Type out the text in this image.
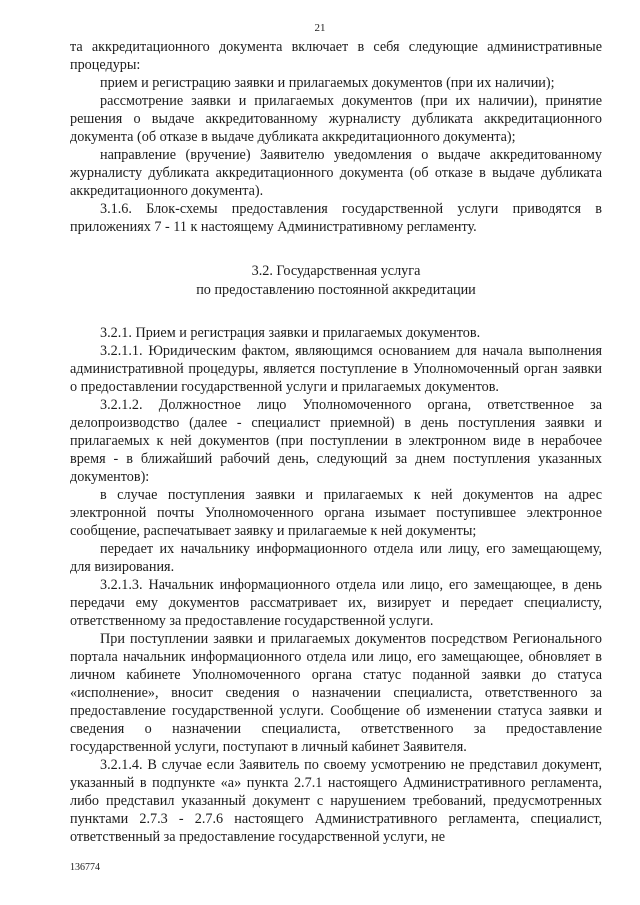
21

та аккредитационного документа включает в себя следующие административные процедуры:

прием и регистрацию заявки и прилагаемых документов (при их наличии);

рассмотрение заявки и прилагаемых документов (при их наличии), принятие решения о выдаче аккредитованному журналисту дубликата аккредитационного документа (об отказе в выдаче дубликата аккредитационного документа);

направление (вручение) Заявителю уведомления о выдаче аккредитованному журналисту дубликата аккредитационного документа (об отказе в выдаче дубликата аккредитационного документа).

3.1.6. Блок-схемы предоставления государственной услуги приводятся в приложениях 7 - 11 к настоящему Административному регламенту.

3.2. Государственная услуга
по предоставлению постоянной аккредитации

3.2.1. Прием и регистрация заявки и прилагаемых документов.

3.2.1.1. Юридическим фактом, являющимся основанием для начала выполнения административной процедуры, является поступление в Уполномоченный орган заявки о предоставлении государственной услуги и прилагаемых документов.

3.2.1.2. Должностное лицо Уполномоченного органа, ответственное за делопроизводство (далее - специалист приемной) в день поступления заявки и прилагаемых к ней документов (при поступлении в электронном виде в нерабочее время - в ближайший рабочий день, следующий за днем поступления указанных документов):

в случае поступления заявки и прилагаемых к ней документов на адрес электронной почты Уполномоченного органа изымает поступившее электронное сообщение, распечатывает заявку и прилагаемые к ней документы;

передает их начальнику информационного отдела или лицу, его замещающему, для визирования.

3.2.1.3. Начальник информационного отдела или лицо, его замещающее, в день передачи ему документов рассматривает их, визирует и передает специалисту, ответственному за предоставление государственной услуги.

При поступлении заявки и прилагаемых документов посредством Регионального портала начальник информационного отдела или лицо, его замещающее, обновляет в личном кабинете Уполномоченного органа статус поданной заявки до статуса «исполнение», вносит сведения о назначении специалиста, ответственного за предоставление государственной услуги. Сообщение об изменении статуса заявки и сведения о назначении специалиста, ответственного за предоставление государственной услуги, поступают в личный кабинет Заявителя.

3.2.1.4. В случае если Заявитель по своему усмотрению не представил документ, указанный в подпункте «а» пункта 2.7.1 настоящего Административного регламента, либо представил указанный документ с нарушением требований, предусмотренных пунктами 2.7.3 - 2.7.6 настоящего Административного регламента, специалист, ответственный за предоставление государственной услуги, не

136774
